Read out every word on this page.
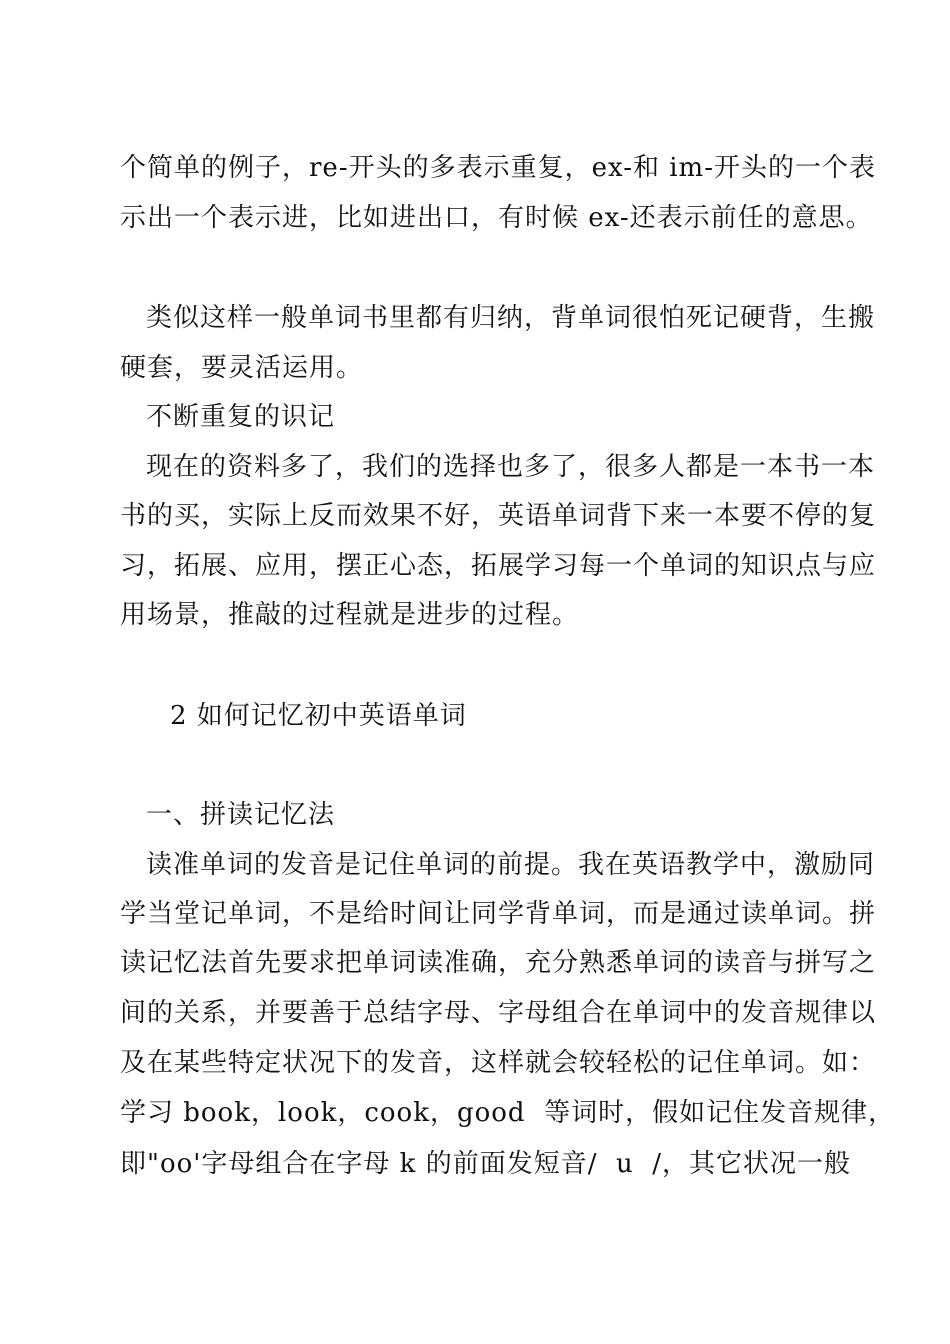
个简单的例子，re-开头的多表示重复，ex-和 im-开头的一个表
示出一个表示进，比如进出口，有时候 ex-还表示前任的意思。
类似这样一般单词书里都有归纳，背单词很怕死记硬背，生搬
硬套，要灵活运用。
不断重复的识记
现在的资料多了，我们的选择也多了，很多人都是一本书一本
书的买，实际上反而效果不好，英语单词背下来一本要不停的复
习，拓展、应用，摆正心态，拓展学习每一个单词的知识点与应
用场景，推敲的过程就是进步的过程。
2 如何记忆初中英语单词
一、拼读记忆法
读准单词的发音是记住单词的前提。我在英语教学中，激励同
学当堂记单词，不是给时间让同学背单词，而是通过读单词。拼
读记忆法首先要求把单词读准确，充分熟悉单词的读音与拼写之
间的关系，并要善于总结字母、字母组合在单词中的发音规律以
及在某些特定状况下的发音，这样就会较轻松的记住单词。如：
学习 book，look，cook，good  等词时，假如记住发音规律，
即"oo'字母组合在字母 k 的前面发短音/  u  /，其它状况一般
